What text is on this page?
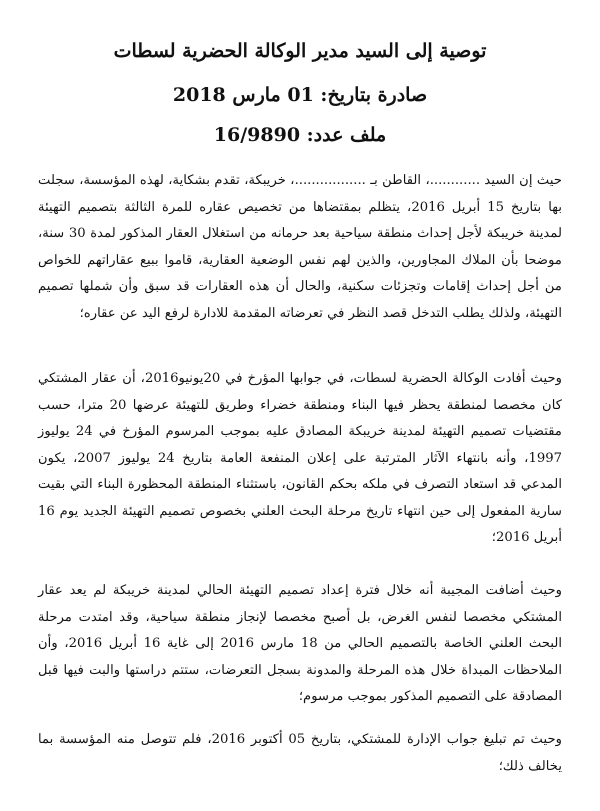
توصية إلى السيد مدير الوكالة الحضرية لسطات
صادرة بتاريخ: 01 مارس 2018
ملف عدد: 16/9890

حيث إن السيد ............، القاطن بـ .................، خريبكة، تقدم بشكاية، لهذه المؤسسة، سجلت بها بتاريخ 15 أبريل 2016، يتظلم بمقتضاها من تخصيص عقاره للمرة الثالثة بتصميم التهيئة لمدينة خريبكة لأجل إحداث منطقة سياحية بعد حرمانه من استغلال العقار المذكور لمدة 30 سنة، موضحا بأن الملاك المجاورين، والذين لهم نفس الوضعية العقارية، قاموا ببيع عقاراتهم للخواص من أجل إحداث إقامات وتجزئات سكنية، والحال أن هذه العقارات قد سبق وأن شملها تصميم التهيئة، ولذلك يطلب التدخل قصد النظر في تعرضاته المقدمة للادارة لرفع اليد عن عقاره؛

وحيث أفادت الوكالة الحضرية لسطات، في جوابها المؤرخ في 20يونيو2016، أن عقار المشتكي كان مخصصا لمنطقة يحظر فيها البناء ومنطقة خضراء وطريق للتهيئة عرضها 20 مترا، حسب مقتضيات تصميم التهيئة لمدينة خريبكة المصادق عليه بموجب المرسوم المؤرخ في 24 يوليوز 1997، وأنه بانتهاء الآثار المترتبة على إعلان المنفعة العامة بتاريخ 24 يوليوز 2007، يكون المدعي قد استعاد التصرف في ملكه بحكم القانون، باستثناء المنطقة المحظورة البناء التي بقيت سارية المفعول إلى حين انتهاء تاريخ مرحلة البحث العلني بخصوص تصميم التهيئة الجديد يوم 16 أبريل 2016؛

وحيث أضافت المجيبة أنه خلال فترة إعداد تصميم التهيئة الحالي لمدينة خريبكة لم يعد عقار المشتكي مخصصا لنفس الغرض، بل أصبح مخصصا لإنجاز منطقة سياحية، وقد امتدت مرحلة البحث العلني الخاصة بالتصميم الحالي من 18 مارس 2016 إلى غاية 16 أبريل 2016، وأن الملاحظات المبداة خلال هذه المرحلة والمدونة بسجل التعرضات، ستتم دراستها والبت فيها قبل المصادقة على التصميم المذكور بموجب مرسوم؛

وحيث تم تبليغ جواب الإدارة للمشتكي، بتاريخ 05 أكتوبر 2016، فلم تتوصل منه المؤسسة بما يخالف ذلك؛
